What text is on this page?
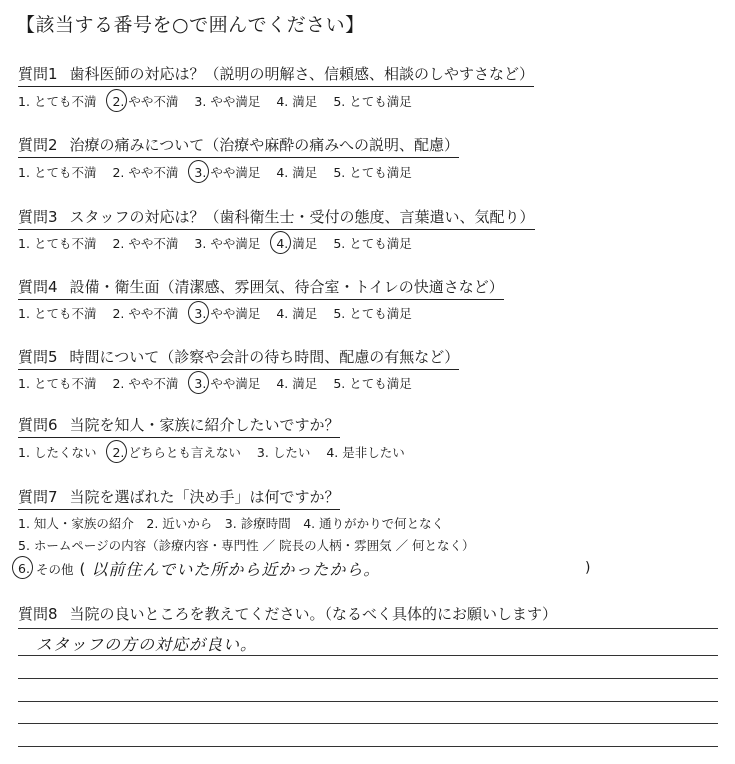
【該当する番号を○で囲んでください】
質問1 歯科医師の対応は？（説明の明解さ、信頼感、相談のしやすさなど）
1. とても不満 2. やや不満 3. やや満足 4. 満足 5. とても満足
質問2 治療の痛みについて（治療や麻酔の痛みへの説明、配慮）
1. とても不満 2. やや不満 3. やや満足 4. 満足 5. とても満足
質問3 スタッフの対応は？（歯科衛生士・受付の態度、言葉遣い、気配り）
1. とても不満 2. やや不満 3. やや満足 4. 満足 5. とても満足
質問4 設備・衛生面（清潔感、雰囲気、待合室・トイレの快適さなど）
1. とても不満 2. やや不満 3. やや満足 4. 満足 5. とても満足
質問5 時間について（診察や会計の待ち時間、配慮の有無など）
1. とても不満 2. やや不満 3. やや満足 4. 満足 5. とても満足
質問6 当院を知人・家族に紹介したいですか？
1. したくない 2. どちらとも言えない 3. したい 4. 是非したい
質問7 当院を選ばれた「決め手」は何ですか？
1. 知人・家族の紹介　2. 近いから　3. 診療時間　4. 通りがかりで何となく
5. ホームページの内容（診療内容・専門性 ／ 院長の人柄・雰囲気 ／ 何となく）
6. その他 ( 以前住んでいた所から近かったから。	)
質問8 当院の良いところを教えてください。（なるべく具体的にお願いします）
スタッフの方の対応が良い。
